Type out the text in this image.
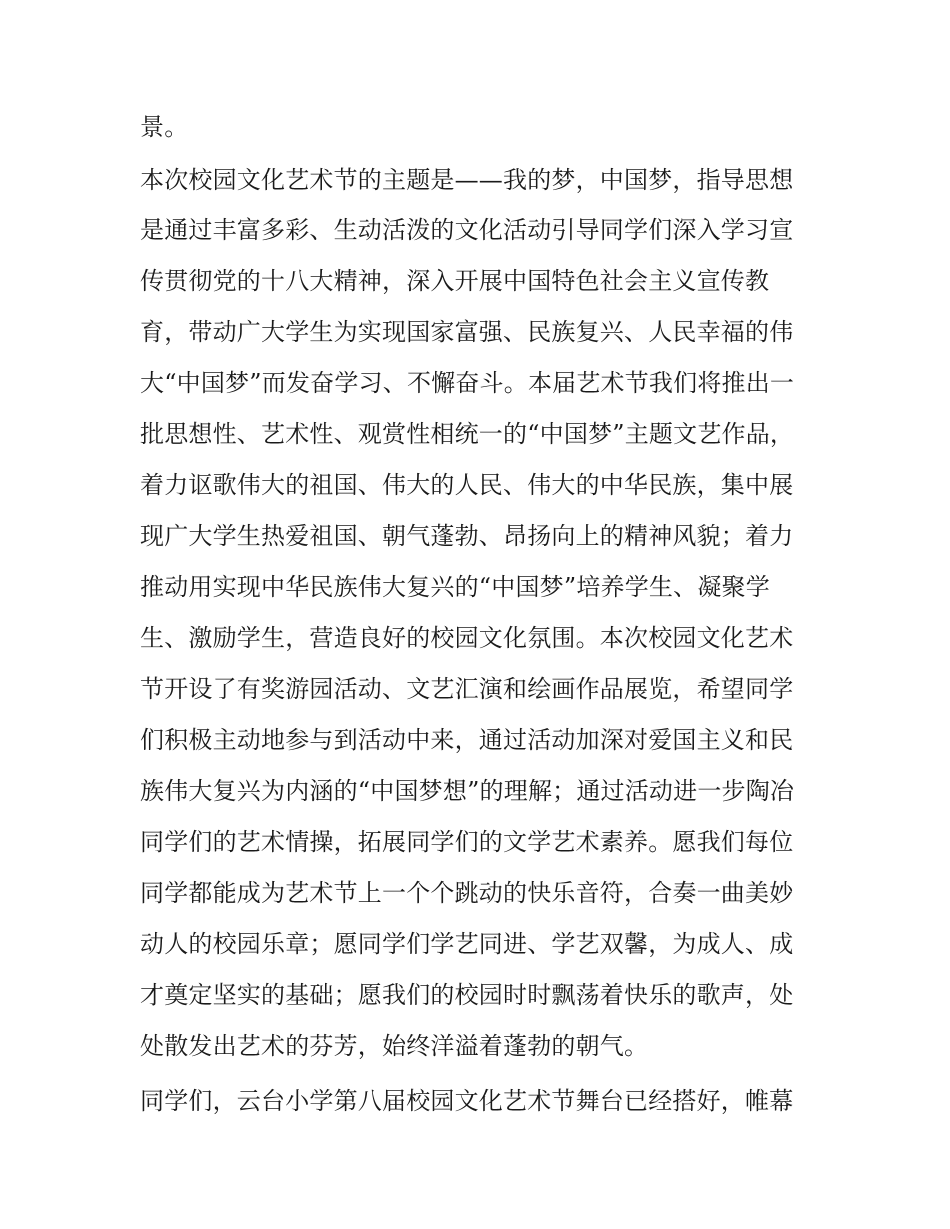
景。
本次校园文化艺术节的主题是——我的梦，中国梦，指导思想
是通过丰富多彩、生动活泼的文化活动引导同学们深入学习宣
传贯彻党的十八大精神，深入开展中国特色社会主义宣传教
育，带动广大学生为实现国家富强、民族复兴、人民幸福的伟
大“中国梦”而发奋学习、不懈奋斗。本届艺术节我们将推出一
批思想性、艺术性、观赏性相统一的“中国梦”主题文艺作品，
着力讴歌伟大的祖国、伟大的人民、伟大的中华民族，集中展
现广大学生热爱祖国、朝气蓬勃、昂扬向上的精神风貌；着力
推动用实现中华民族伟大复兴的“中国梦”培养学生、凝聚学
生、激励学生，营造良好的校园文化氛围。本次校园文化艺术
节开设了有奖游园活动、文艺汇演和绘画作品展览，希望同学
们积极主动地参与到活动中来，通过活动加深对爱国主义和民
族伟大复兴为内涵的“中国梦想”的理解；通过活动进一步陶冶
同学们的艺术情操，拓展同学们的文学艺术素养。愿我们每位
同学都能成为艺术节上一个个跳动的快乐音符，合奏一曲美妙
动人的校园乐章；愿同学们学艺同进、学艺双馨，为成人、成
才奠定坚实的基础；愿我们的校园时时飘荡着快乐的歌声，处
处散发出艺术的芬芳，始终洋溢着蓬勃的朝气。
同学们，云台小学第八届校园文化艺术节舞台已经搭好，帷幕
